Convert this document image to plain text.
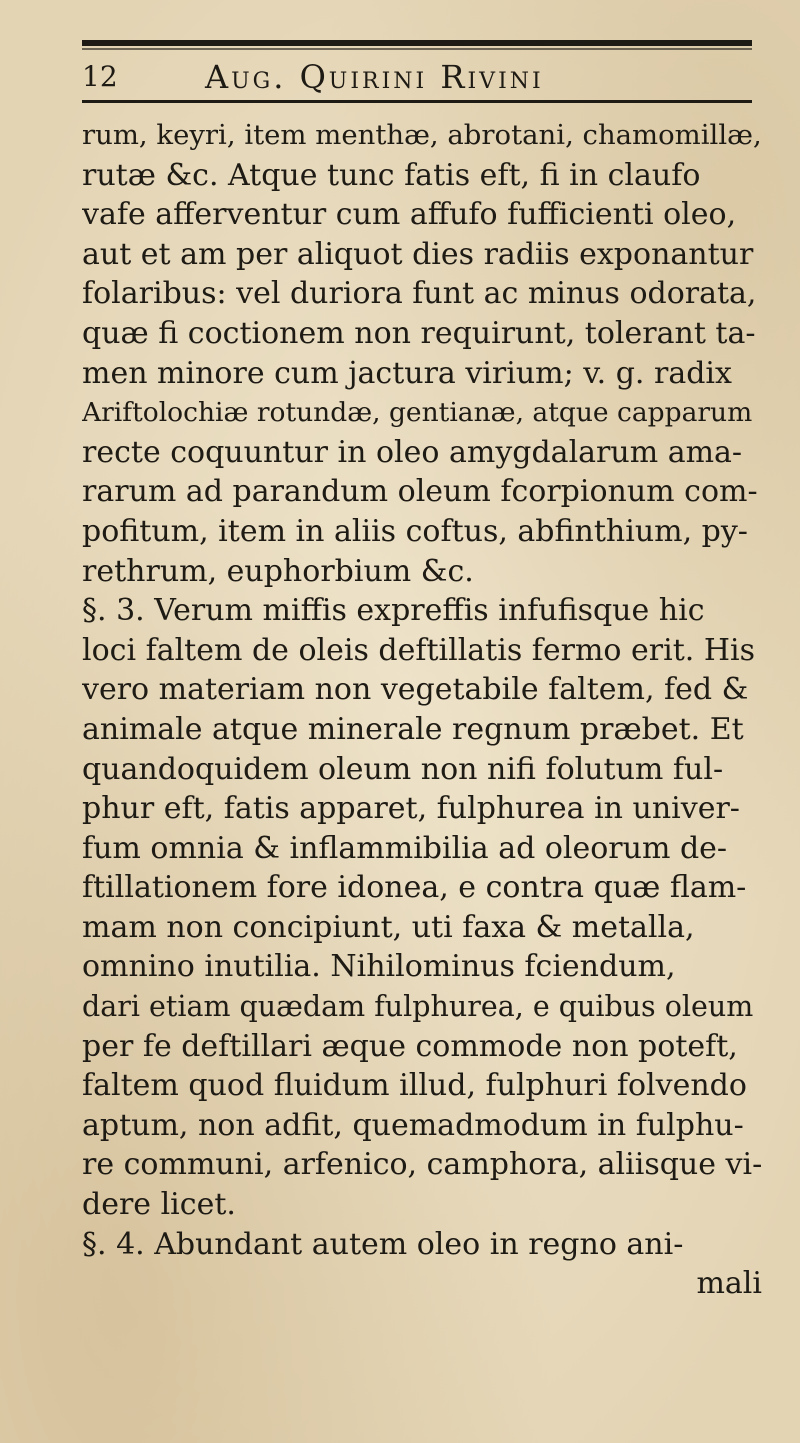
12	Aug. Quirini Rivini
rum, keyri, item menthæ, abrotani, chamomillæ,
rutæ &c. Atque tunc fatis eft, fi in claufo
vafe afferventur cum affufo fufficienti oleo,
aut et am per aliquot dies radiis exponantur
folaribus: vel duriora funt ac minus odorata,
quæ fi coctionem non requirunt, tolerant ta-
men minore cum jactura virium; v. g. radix
Ariftolochiæ rotundæ, gentianæ, atque capparum
recte coquuntur in oleo amygdalarum ama-
rarum ad parandum oleum fcorpionum com-
pofitum, item in aliis coftus, abfinthium, py-
rethrum, euphorbium &c.
§. 3. Verum miffis expreffis infufisque hic
loci faltem de oleis deftillatis fermo erit. His
vero materiam non vegetabile faltem, fed &
animale atque minerale regnum præbet. Et
quandoquidem oleum non nifi folutum ful-
phur eft, fatis apparet, fulphurea in univer-
fum omnia & inflammibilia ad oleorum de-
ftillationem fore idonea, e contra quæ flam-
mam non concipiunt, uti faxa & metalla,
omnino inutilia. Nihilominus fciendum,
dari etiam quædam fulphurea, e quibus oleum
per fe deftillari æque commode non poteft,
faltem quod fluidum illud, fulphuri folvendo
aptum, non adfit, quemadmodum in fulphu-
re communi, arfenico, camphora, aliisque vi-
dere licet.
§. 4. Abundant autem oleo in regno ani-
mali
